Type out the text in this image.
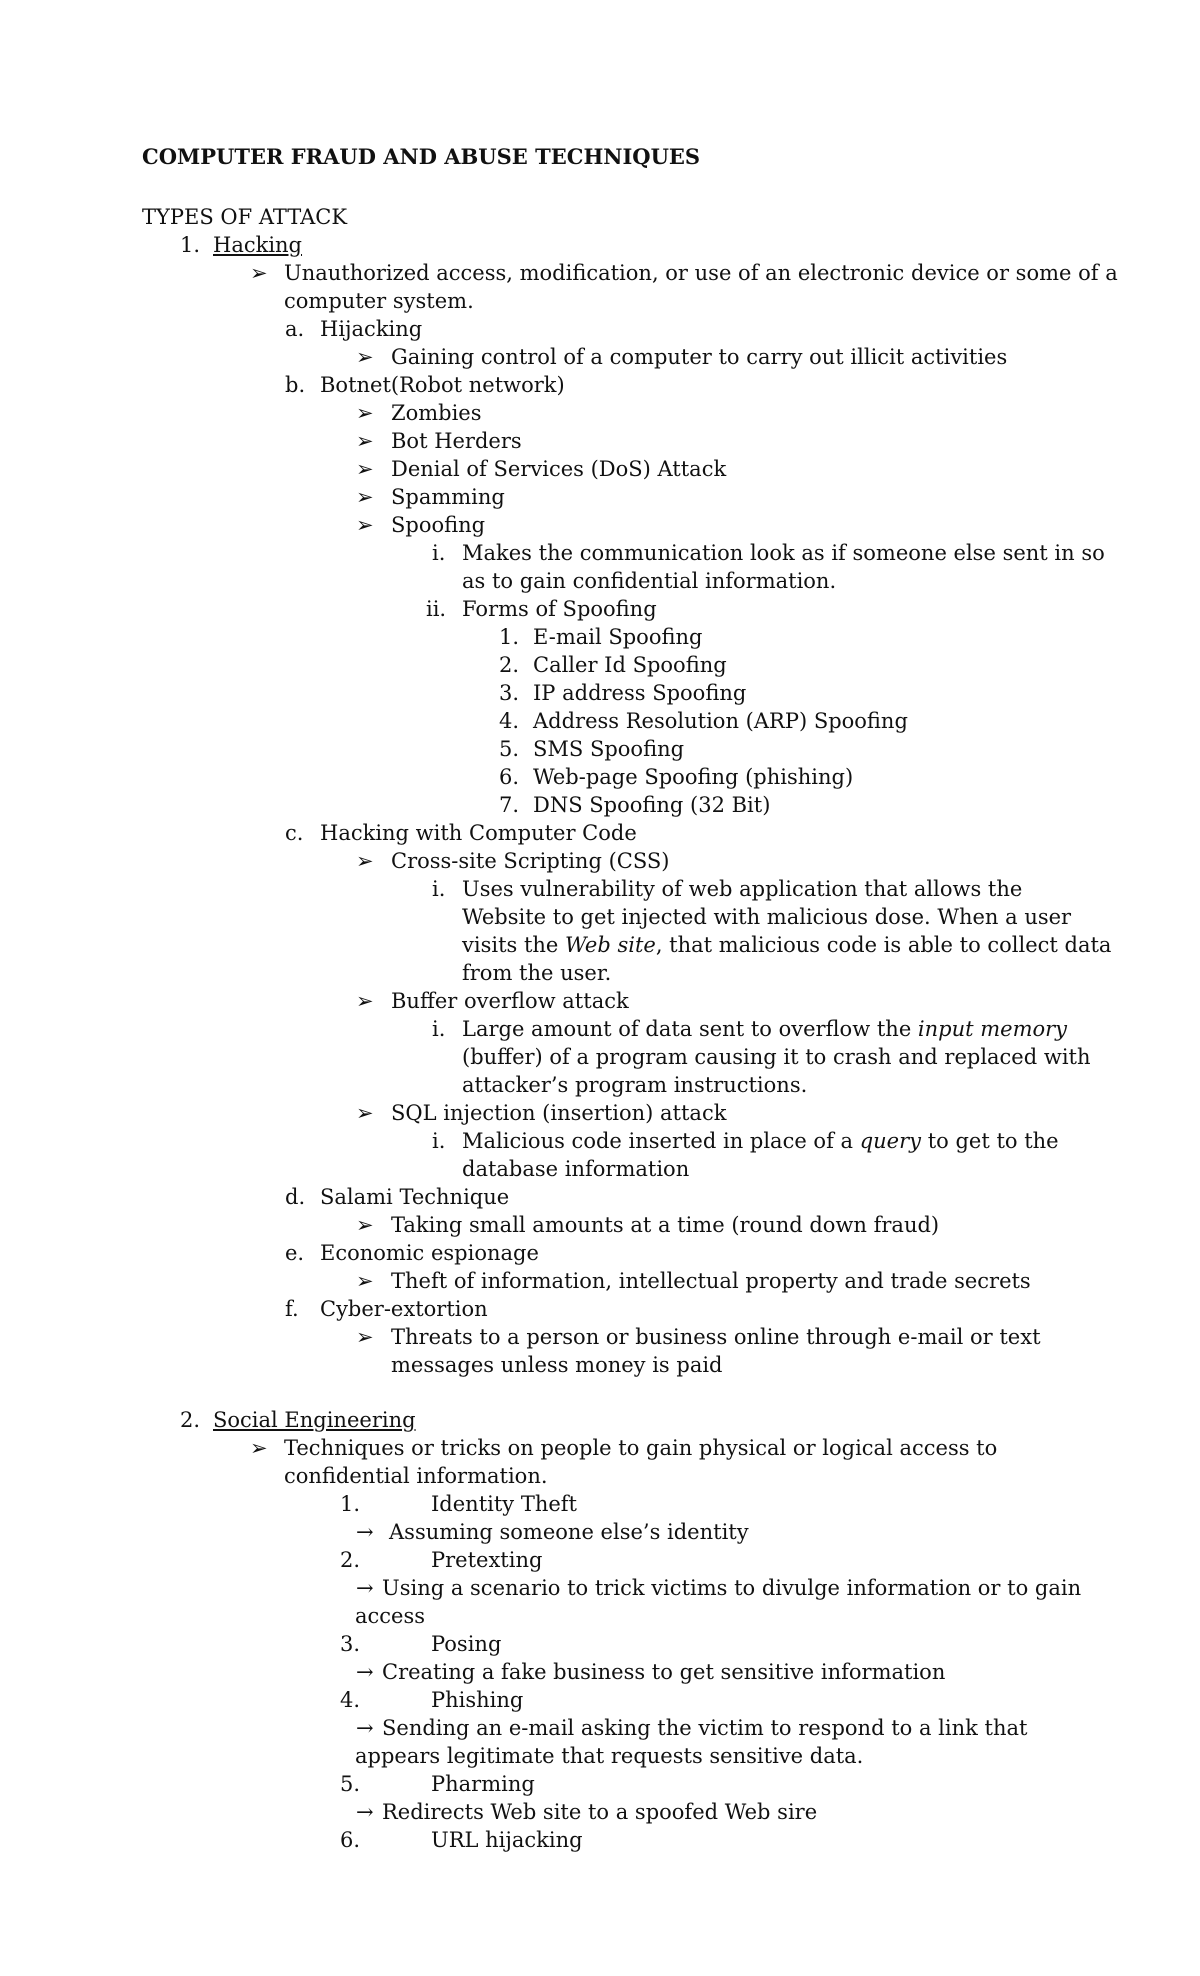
COMPUTER FRAUD AND ABUSE TECHNIQUES
TYPES OF ATTACK
1. Hacking
➢ Unauthorized access, modification, or use of an electronic device or some of a
computer system.
a. Hijacking
➢ Gaining control of a computer to carry out illicit activities
b. Botnet(Robot network)
➢ Zombies
➢ Bot Herders
➢ Denial of Services (DoS) Attack
➢ Spamming
➢ Spoofing
i. Makes the communication look as if someone else sent in so
as to gain confidential information.
ii. Forms of Spoofing
1. E-mail Spoofing
2. Caller Id Spoofing
3. IP address Spoofing
4. Address Resolution (ARP) Spoofing
5. SMS Spoofing
6. Web-page Spoofing (phishing)
7. DNS Spoofing (32 Bit)
c. Hacking with Computer Code
➢ Cross-site Scripting (CSS)
i. Uses vulnerability of web application that allows the
Website to get injected with malicious dose. When a user
visits the Web site, that malicious code is able to collect data
from the user.
➢ Buffer overflow attack
i. Large amount of data sent to overflow the input memory
(buffer) of a program causing it to crash and replaced with
attacker’s program instructions.
➢ SQL injection (insertion) attack
i. Malicious code inserted in place of a query to get to the
database information
d. Salami Technique
➢ Taking small amounts at a time (round down fraud)
e. Economic espionage
➢ Theft of information, intellectual property and trade secrets
f. Cyber-extortion
➢ Threats to a person or business online through e-mail or text
messages unless money is paid
2. Social Engineering
➢ Techniques or tricks on people to gain physical or logical access to
confidential information.
1.	Identity Theft
→ Assuming someone else’s identity
2.	Pretexting
→ Using a scenario to trick victims to divulge information or to gain
access
3.	Posing
→ Creating a fake business to get sensitive information
4.	Phishing
→ Sending an e-mail asking the victim to respond to a link that
appears legitimate that requests sensitive data.
5.	Pharming
→ Redirects Web site to a spoofed Web sire
6.	URL hijacking
